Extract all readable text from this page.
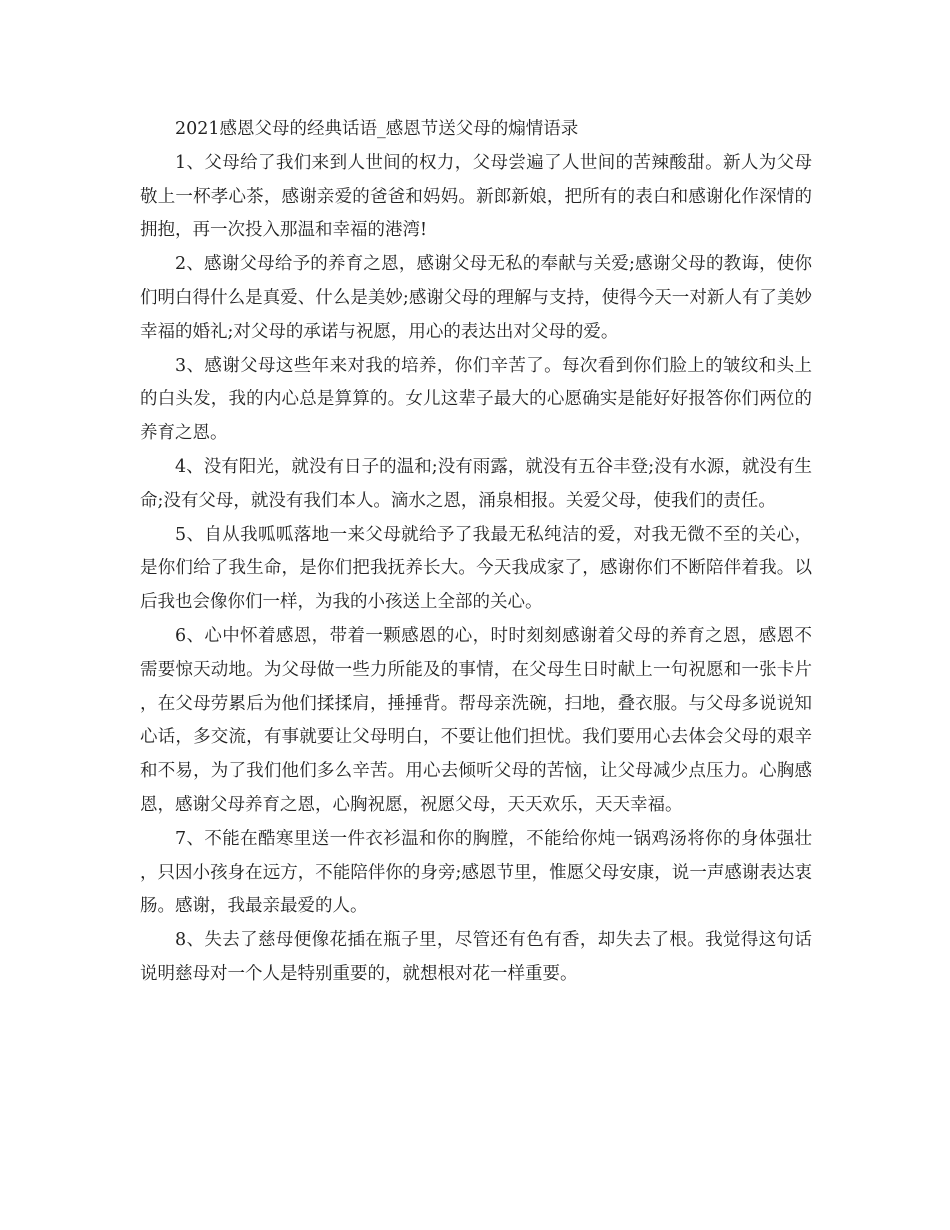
2021感恩父母的经典话语_感恩节送父母的煽情语录

1、父母给了我们来到人世间的权力，父母尝遍了人世间的苦辣酸甜。新人为父母敬上一杯孝心茶，感谢亲爱的爸爸和妈妈。新郎新娘，把所有的表白和感谢化作深情的拥抱，再一次投入那温和幸福的港湾!

2、感谢父母给予的养育之恩，感谢父母无私的奉献与关爱;感谢父母的教诲，使你们明白得什么是真爱、什么是美妙;感谢父母的理解与支持，使得今天一对新人有了美妙幸福的婚礼;对父母的承诺与祝愿，用心的表达出对父母的爱。

3、感谢父母这些年来对我的培养，你们辛苦了。每次看到你们脸上的皱纹和头上的白头发，我的内心总是算算的。女儿这辈子最大的心愿确实是能好好报答你们两位的养育之恩。

4、没有阳光，就没有日子的温和;没有雨露，就没有五谷丰登;没有水源，就没有生命;没有父母，就没有我们本人。滴水之恩，涌泉相报。关爱父母，使我们的责任。

5、自从我呱呱落地一来父母就给予了我最无私纯洁的爱，对我无微不至的关心，是你们给了我生命，是你们把我抚养长大。今天我成家了，感谢你们不断陪伴着我。以后我也会像你们一样，为我的小孩送上全部的关心。

6、心中怀着感恩，带着一颗感恩的心，时时刻刻感谢着父母的养育之恩，感恩不需要惊天动地。为父母做一些力所能及的事情，在父母生日时献上一句祝愿和一张卡片，在父母劳累后为他们揉揉肩，捶捶背。帮母亲洗碗，扫地，叠衣服。与父母多说说知心话，多交流，有事就要让父母明白，不要让他们担忧。我们要用心去体会父母的艰辛和不易，为了我们他们多么辛苦。用心去倾听父母的苦恼，让父母减少点压力。心胸感恩，感谢父母养育之恩，心胸祝愿，祝愿父母，天天欢乐，天天幸福。

7、不能在酷寒里送一件衣衫温和你的胸膛，不能给你炖一锅鸡汤将你的身体强壮，只因小孩身在远方，不能陪伴你的身旁;感恩节里，惟愿父母安康，说一声感谢表达衷肠。感谢，我最亲最爱的人。

8、失去了慈母便像花插在瓶子里，尽管还有色有香，却失去了根。我觉得这句话说明慈母对一个人是特别重要的，就想根对花一样重要。
